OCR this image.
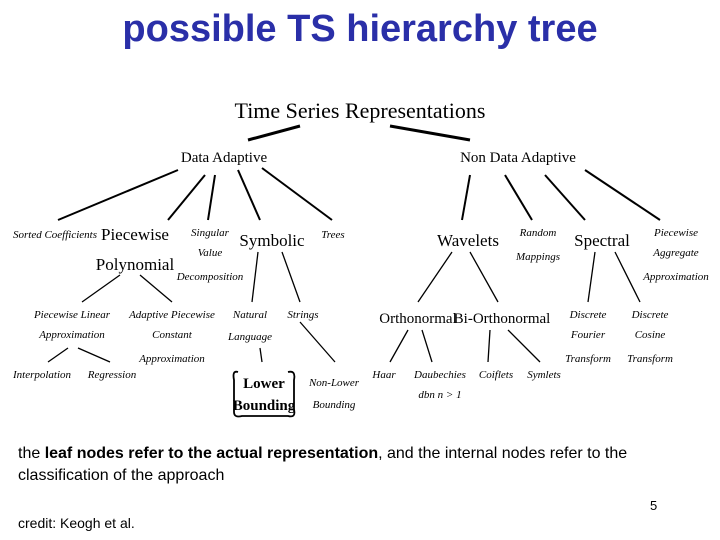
possible TS hierarchy tree
Time Series Representations
Data Adaptive	Non Data Adaptive
Sorted Coefficients Piecewise
Polynomial
Singular
Value
Decomposition
Symbolic Trees	Wavelets Random
Mappings
Spectral Piecewise
Aggregate
Approximation
Piecewise Linear
Approximation
Adaptive Piecewise
Constant
Approximation
Natural
Language
Strings	Orthonormal
Bi-Orthonormal Discrete
Fourier
Transform
Discrete
Cosine
Transform
Interpolation Regression
Lower
Bounding
Non-Lower
Bounding
Haar Daubechies
dbn n > 1
Coiflets Symlets
the leaf nodes refer to the actual representation, and the internal nodes refer to the classification of the approach
5
credit: Keogh et al.
